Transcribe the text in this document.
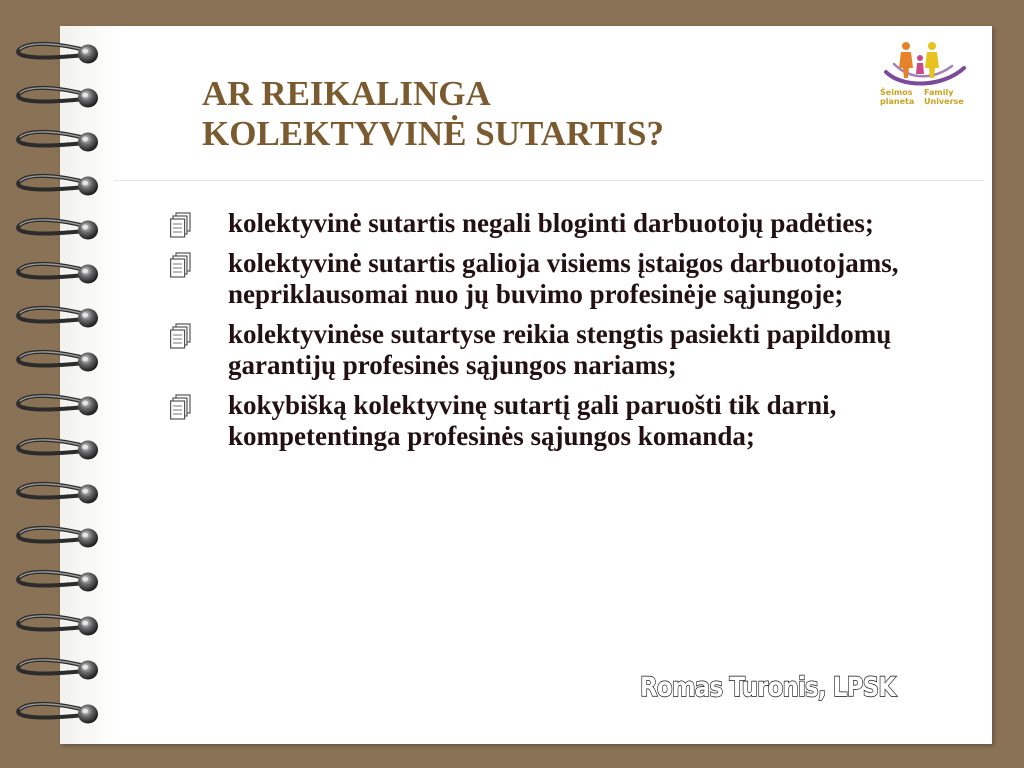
AR REIKALINGA
KOLEKTYVINĖ SUTARTIS?
Šeimos
planeta
Family
Universe
kolektyvinė sutartis negali bloginti darbuotojų padėties;
kolektyvinė sutartis galioja visiems įstaigos darbuotojams, nepriklausomai nuo jų buvimo profesinėje sąjungoje;
kolektyvinėse sutartyse reikia stengtis pasiekti papildomų garantijų profesinės sąjungos nariams;
kokybišką kolektyvinę sutartį gali paruošti tik darni, kompetentinga profesinės sąjungos komanda;
Romas Turonis, LPSK
